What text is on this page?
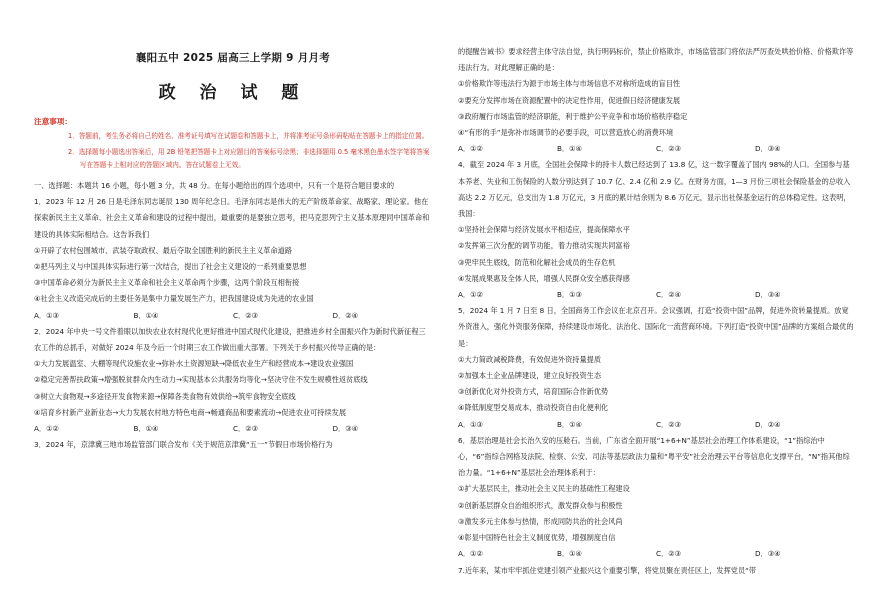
襄阳五中 2025 届高三上学期 9 月月考
政 治 试 题
注意事项：
1．答题前，考生务必将自己的姓名、准考证号填写在试题卷和答题卡上，并将准考证号条形码粘贴在答题卡上的指定位置。
2．选择题每小题选出答案后，用 2B 铅笔把答题卡上对应题目的答案标号涂黑；非选择题用 0.5 毫米黑色墨水签字笔将答案写在答题卡上相对应的答题区域内。答在试题卷上无效。
一、选择题：本题共 16 小题，每小题 3 分，共 48 分。在每小题给出的四个选项中，只有一个是符合题目要求的
1．2023 年 12 月 26 日是毛泽东同志诞辰 130 周年纪念日。毛泽东同志是伟大的无产阶级革命家、战略家、理论家。他在探索新民主主义革命、社会主义革命和建设的过程中提出，最重要的是要独立思考，把马克思列宁主义基本原理同中国革命和建设的具体实际相结合。这告诉我们
①开辟了农村包围城市、武装夺取政权、最后夺取全国胜利的新民主主义革命道路
②把马列主义与中国具体实际进行第一次结合，提出了社会主义建设的一系列重要思想
③中国革命必须分为新民主主义革命和社会主义革命两个步骤，这两个阶段互相衔接
④社会主义改造完成后的主要任务是集中力量发展生产力，把我国建设成为先进的农业国
A．①③	B．①④	C．②③	D．②④
2．2024 年中央一号文件着眼以加快农业农村现代化更好推进中国式现代化建设，把推进乡村全面振兴作为新时代新征程三农工作的总抓手，对做好 2024 年及今后一个时期三农工作做出重大部署。下列关于乡村振兴传导正确的是：
①大力发展温室、大棚等现代设施农业→弥补水土资源短缺→降低农业生产和经营成本→建设农业强国
②稳定完善帮扶政策→增强脱贫群众内生动力→实现基本公共服务均等化→坚决守住不发生规模性返贫底线
③树立大食物观→多途径开发食物来源→保障各类食物有效供给→筑牢食物安全底线
④培育乡村新产业新业态→大力发展农村地方特色电商→畅通商品和要素流动→促进农业可持续发展
A．①②	B．①④	C．②③	D．③④
3．2024 年，京津冀三地市场监管部门联合发布《关于规范京津冀“五一”节假日市场价格行为
的提醒告诫书》要求经营主体守法自觉，执行明码标价，禁止价格欺诈，市场监管部门将依法严厉查处哄抬价格、价格欺诈等违法行为。对此理解正确的是：
①价格欺诈等违法行为源于市场主体与市场信息不对称所造成的盲目性
②要充分发挥市场在资源配置中的决定性作用，促进假日经济健康发展
③政府履行市场监管的经济职能，利于维护公平竞争和市场价格秩序稳定
④“有形的手”是弥补市场调节的必要手段，可以营造放心的消费环境
A．①②	B．①④	C．②③	D．③④
4．截至 2024 年 3 月底，全国社会保障卡的持卡人数已经达到了 13.8 亿，这一数字覆盖了国内 98%的人口。全国参与基本养老、失业和工伤保险的人数分别达到了 10.7 亿、2.4 亿和 2.9 亿。在财务方面，1—3 月份三项社会保险基金的总收入高达 2.2 万亿元，总支出为 1.8 万亿元，3 月底的累计结余则为 8.6 万亿元，显示出社保基金运行的总体稳定性。这表明，我国：
①坚持社会保障与经济发展水平相适应，提高保障水平
②发挥第三次分配的调节功能，着力推动实现共同富裕
③兜牢民生底线，防范和化解社会成员的生存危机
④发展成果惠及全体人民，增强人民群众安全感获得感
A．①②	B．①③	C．②④	D．③④
5．2024 年 1 月 7 日至 8 日，全国商务工作会议在北京召开。会议强调，打造“投资中国”品牌，促进外资转量提质。放宽外资准入，强化外资服务保障，持续建设市场化、法治化、国际化一流营商环境。下列打造“投资中国”品牌的方案组合最优的是：
①大力简政减税降费，有效促进外资持量提质
②加强本土企业品牌建设，建立良好投资生态
③创新优化对外投资方式，培育国际合作新优势
④降低制度型交易成本，推动投资自由化便利化
A．①③	B．①④	C．②③	D．②④
6．基层治理是社会长治久安的压舱石。当前，广东省全面开展“1+6+N”基层社会治理工作体系建设，“1”指综治中心，“6”指综合网格及法院、检察、公安、司法等基层政法力量和“粤平安”社会治理云平台等信息化支撑平台，“N”指其他综治力量。“1+6+N”基层社会治理体系利于：
①扩大基层民主，推动社会主义民主的基础性工程建设
②创新基层群众自治组织形式，激发群众参与积极性
③激发多元主体参与热情，形成同防共治的社会风尚
④彰显中国特色社会主义制度优势，增强制度自信
A．①②	B．①④	C．②③	D．③④
7.近年来，某市牢牢抓住党建引领产业振兴这个重要引擎，将党员聚在责任区上，发挥党员“带
